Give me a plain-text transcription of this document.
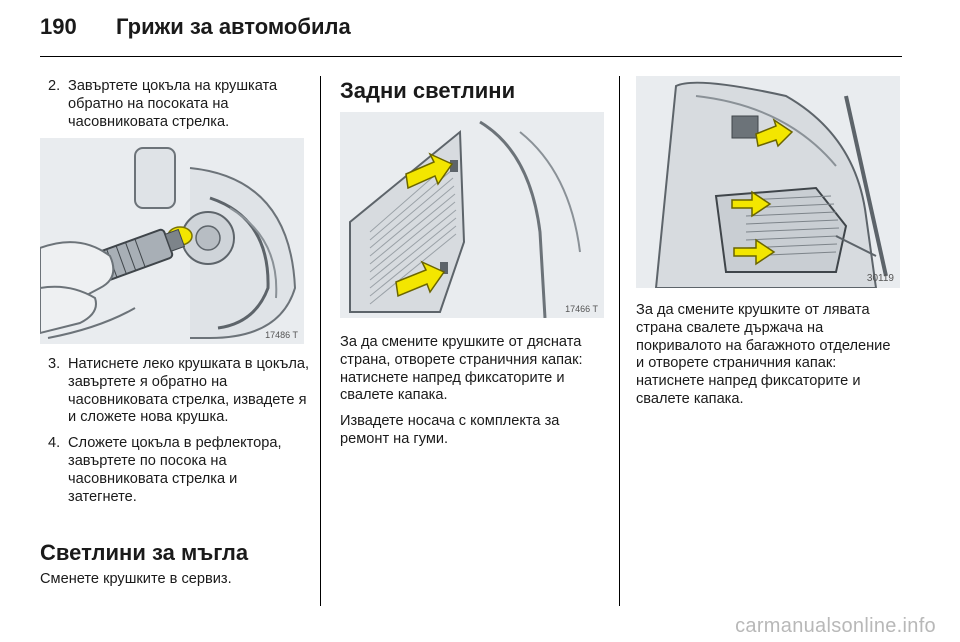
190 Грижи за автомобила
2. Завъртете цокъла на крушката обратно на посоката на часовниковата стрелка.
17486 T
3. Натиснете леко крушката в цокъла, завъртете я обратно на часовниковата стрелка, извадете я и сложете нова крушка.
4. Сложете цокъла в рефлектора, завъртете по посока на часовниковата стрелка и затегнете.
Светлини за мъгла
Сменете крушките в сервиз.
Задни светлини
17466 T
За да смените крушките от дясната страна, отворете страничния капак: натиснете напред фиксаторите и свалете капака.
Извадете носача с комплекта за ремонт на гуми.
30119
За да смените крушките от лявата страна свалете държача на покривалото на багажното отделение и отворете страничния капак: натиснете напред фиксаторите и свалете капака.
carmanualsonline.info
